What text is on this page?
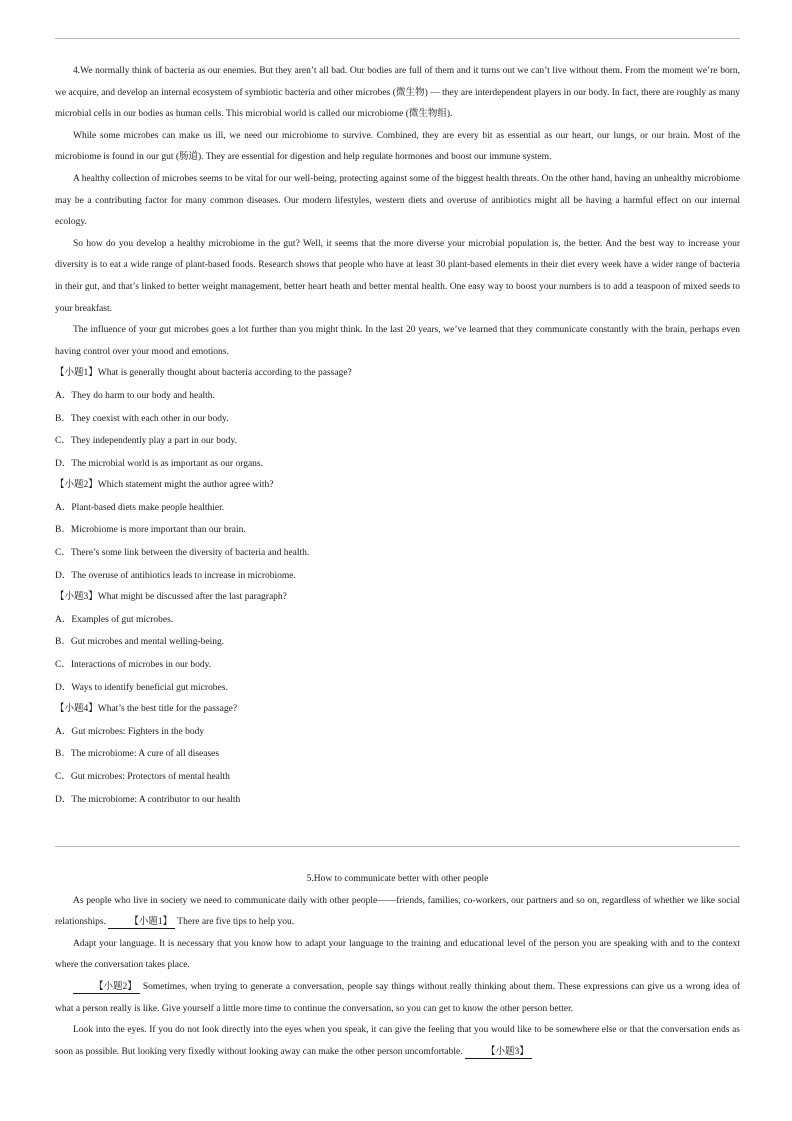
4.We normally think of bacteria as our enemies. But they aren’t all bad. Our bodies are full of them and it turns out we can’t live without them. From the moment we’re born, we acquire, and develop an internal ecosystem of symbiotic bacteria and other microbes (微生物) — they are interdependent players in our body. In fact, there are roughly as many microbial cells in our bodies as human cells. This microbial world is called our microbiome (微生物组).

While some microbes can make us ill, we need our microbiome to survive. Combined, they are every bit as essential as our heart, our lungs, or our brain. Most of the microbiome is found in our gut (肠道). They are essential for digestion and help regulate hormones and boost our immune system.

A healthy collection of microbes seems to be vital for our well-being, protecting against some of the biggest health threats. On the other hand, having an unhealthy microbiome may be a contributing factor for many common diseases. Our modern lifestyles, western diets and overuse of antibiotics might all be having a harmful effect on our internal ecology.

So how do you develop a healthy microbiome in the gut? Well, it seems that the more diverse your microbial population is, the better. And the best way to increase your diversity is to eat a wide range of plant-based foods. Research shows that people who have at least 30 plant-based elements in their diet every week have a wider range of bacteria in their gut, and that’s linked to better weight management, better heart heath and better mental health. One easy way to boost your numbers is to add a teaspoon of mixed seeds to your breakfast.

The influence of your gut microbes goes a lot further than you might think. In the last 20 years, we’ve learned that they communicate constantly with the brain, perhaps even having control over your mood and emotions.

【小题1】What is generally thought about bacteria according to the passage?

A．They do harm to our body and health.

B．They coexist with each other in our body.

C．They independently play a part in our body.

D．The microbial world is as important as our organs.

【小题2】Which statement might the author agree with?

A．Plant-based diets make people healthier.

B．Microbiome is more important than our brain.

C．There’s some link between the diversity of bacteria and health.

D．The overuse of antibiotics leads to increase in microbiome.

【小题3】What might be discussed after the last paragraph?

A．Examples of gut microbes.

B．Gut microbes and mental welling-being.

C．Interactions of microbes in our body.

D．Ways to identify beneficial gut microbes.

【小题4】What’s the best title for the passage?

A．Gut microbes: Fighters in the body

B．The microbiome: A cure of all diseases

C．Gut microbes: Protectors of mental health

D．The microbiome: A contributor to our health

5.How to communicate better with other people

As people who live in society we need to communicate daily with other people——friends, families, co-workers, our partners and so on, regardless of whether we like social relationships. 【小题1】 There are five tips to help you.

Adapt your language. It is necessary that you know how to adapt your language to the training and educational level of the person you are speaking with and to the context where the conversation takes place.

【小题2】 Sometimes, when trying to generate a conversation, people say things without really thinking about them. These expressions can give us a wrong idea of what a person really is like. Give yourself a little more time to continue the conversation, so you can get to know the other person better.

Look into the eyes. If you do not look directly into the eyes when you speak, it can give the feeling that you would like to be somewhere else or that the conversation ends as soon as possible. But looking very fixedly without looking away can make the other person uncomfortable. 【小题3】
